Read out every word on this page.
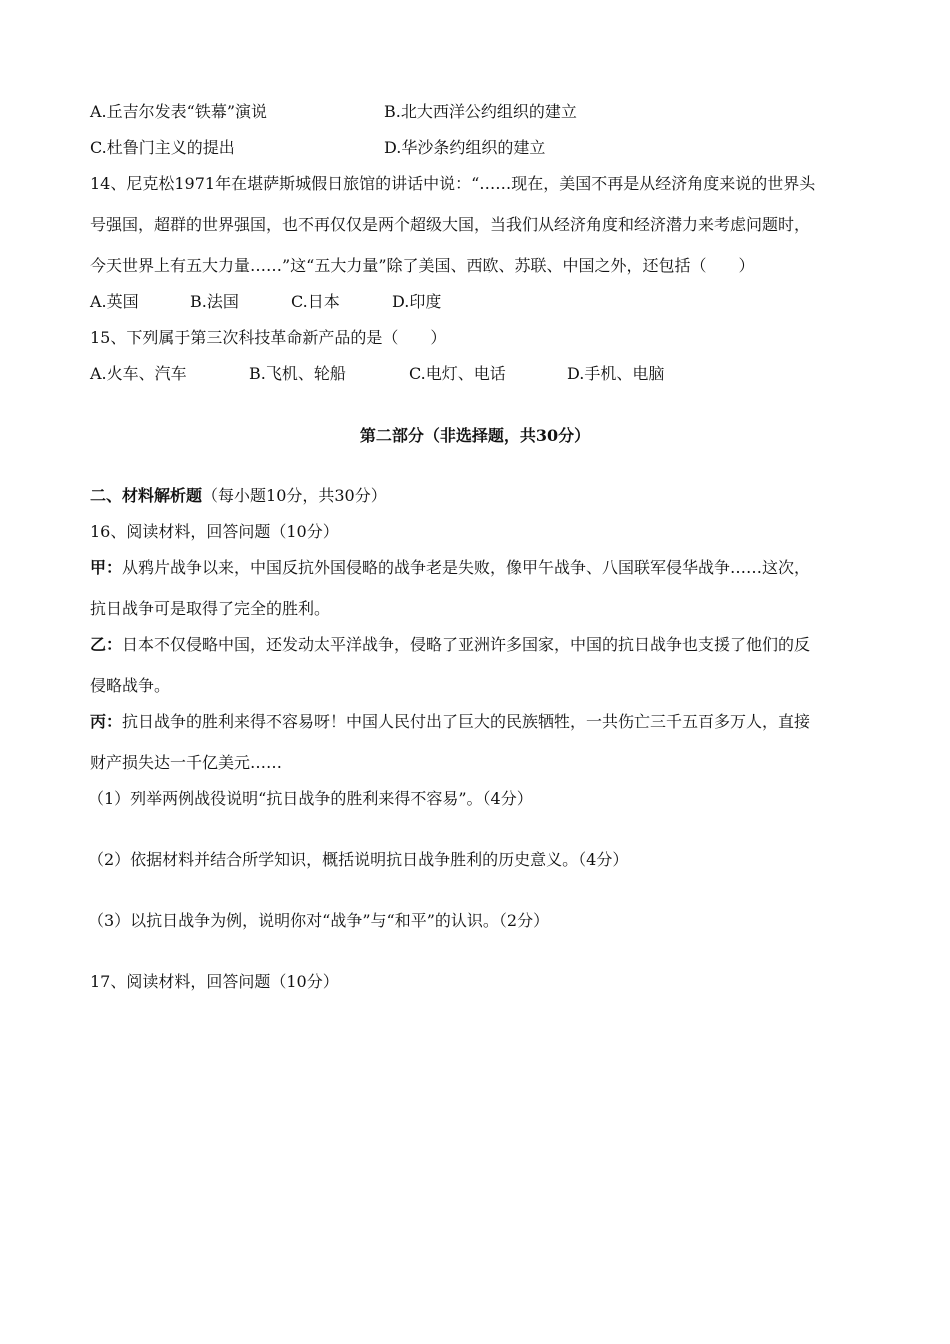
A.丘吉尔发表“铁幕”演说	B.北大西洋公约组织的建立
C.杜鲁门主义的提出	D.华沙条约组织的建立
14、尼克松1971年在堪萨斯城假日旅馆的讲话中说：“……现在，美国不再是从经济角度来说的世界头
号强国，超群的世界强国，也不再仅仅是两个超级大国，当我们从经济角度和经济潜力来考虑问题时，
今天世界上有五大力量……”这“五大力量”除了美国、西欧、苏联、中国之外，还包括（　　）
A.英国	B.法国	C.日本	D.印度
15、下列属于第三次科技革命新产品的是（　　）
A.火车、汽车	B.飞机、轮船	C.电灯、电话	D.手机、电脑
第二部分（非选择题，共30分）
二、材料解析题（每小题10分，共30分）
16、阅读材料，回答问题（10分）
甲：从鸦片战争以来，中国反抗外国侵略的战争老是失败，像甲午战争、八国联军侵华战争……这次，
抗日战争可是取得了完全的胜利。
乙：日本不仅侵略中国，还发动太平洋战争，侵略了亚洲许多国家，中国的抗日战争也支援了他们的反
侵略战争。
丙：抗日战争的胜利来得不容易呀！中国人民付出了巨大的民族牺牲，一共伤亡三千五百多万人，直接
财产损失达一千亿美元……
（1）列举两例战役说明“抗日战争的胜利来得不容易”。（4分）
（2）依据材料并结合所学知识，概括说明抗日战争胜利的历史意义。（4分）
（3）以抗日战争为例，说明你对“战争”与“和平”的认识。（2分）
17、阅读材料，回答问题（10分）
